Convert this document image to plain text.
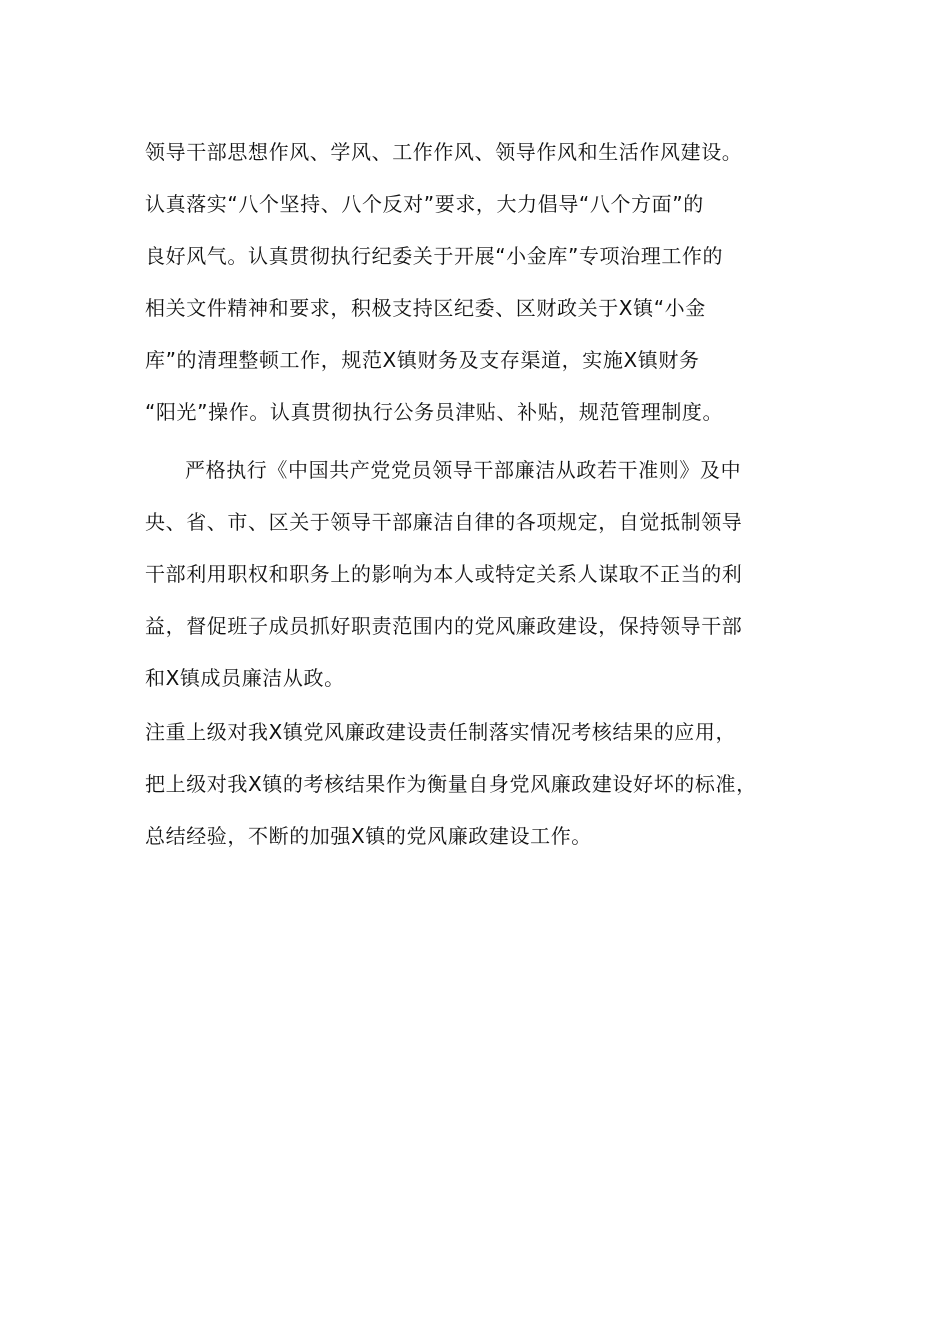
领导干部思想作风、学风、工作作风、领导作风和生活作风建设。
认真落实“八个坚持、八个反对”要求，大力倡导“八个方面”的
良好风气。认真贯彻执行纪委关于开展“小金库”专项治理工作的
相关文件精神和要求，积极支持区纪委、区财政关于X镇“小金
库”的清理整顿工作，规范X镇财务及支存渠道，实施X镇财务
“阳光”操作。认真贯彻执行公务员津贴、补贴，规范管理制度。
严格执行《中国共产党党员领导干部廉洁从政若干准则》及中
央、省、市、区关于领导干部廉洁自律的各项规定，自觉抵制领导
干部利用职权和职务上的影响为本人或特定关系人谋取不正当的利
益，督促班子成员抓好职责范围内的党风廉政建设，保持领导干部
和X镇成员廉洁从政。
注重上级对我X镇党风廉政建设责任制落实情况考核结果的应用，
把上级对我X镇的考核结果作为衡量自身党风廉政建设好坏的标准，
总结经验，不断的加强X镇的党风廉政建设工作。
